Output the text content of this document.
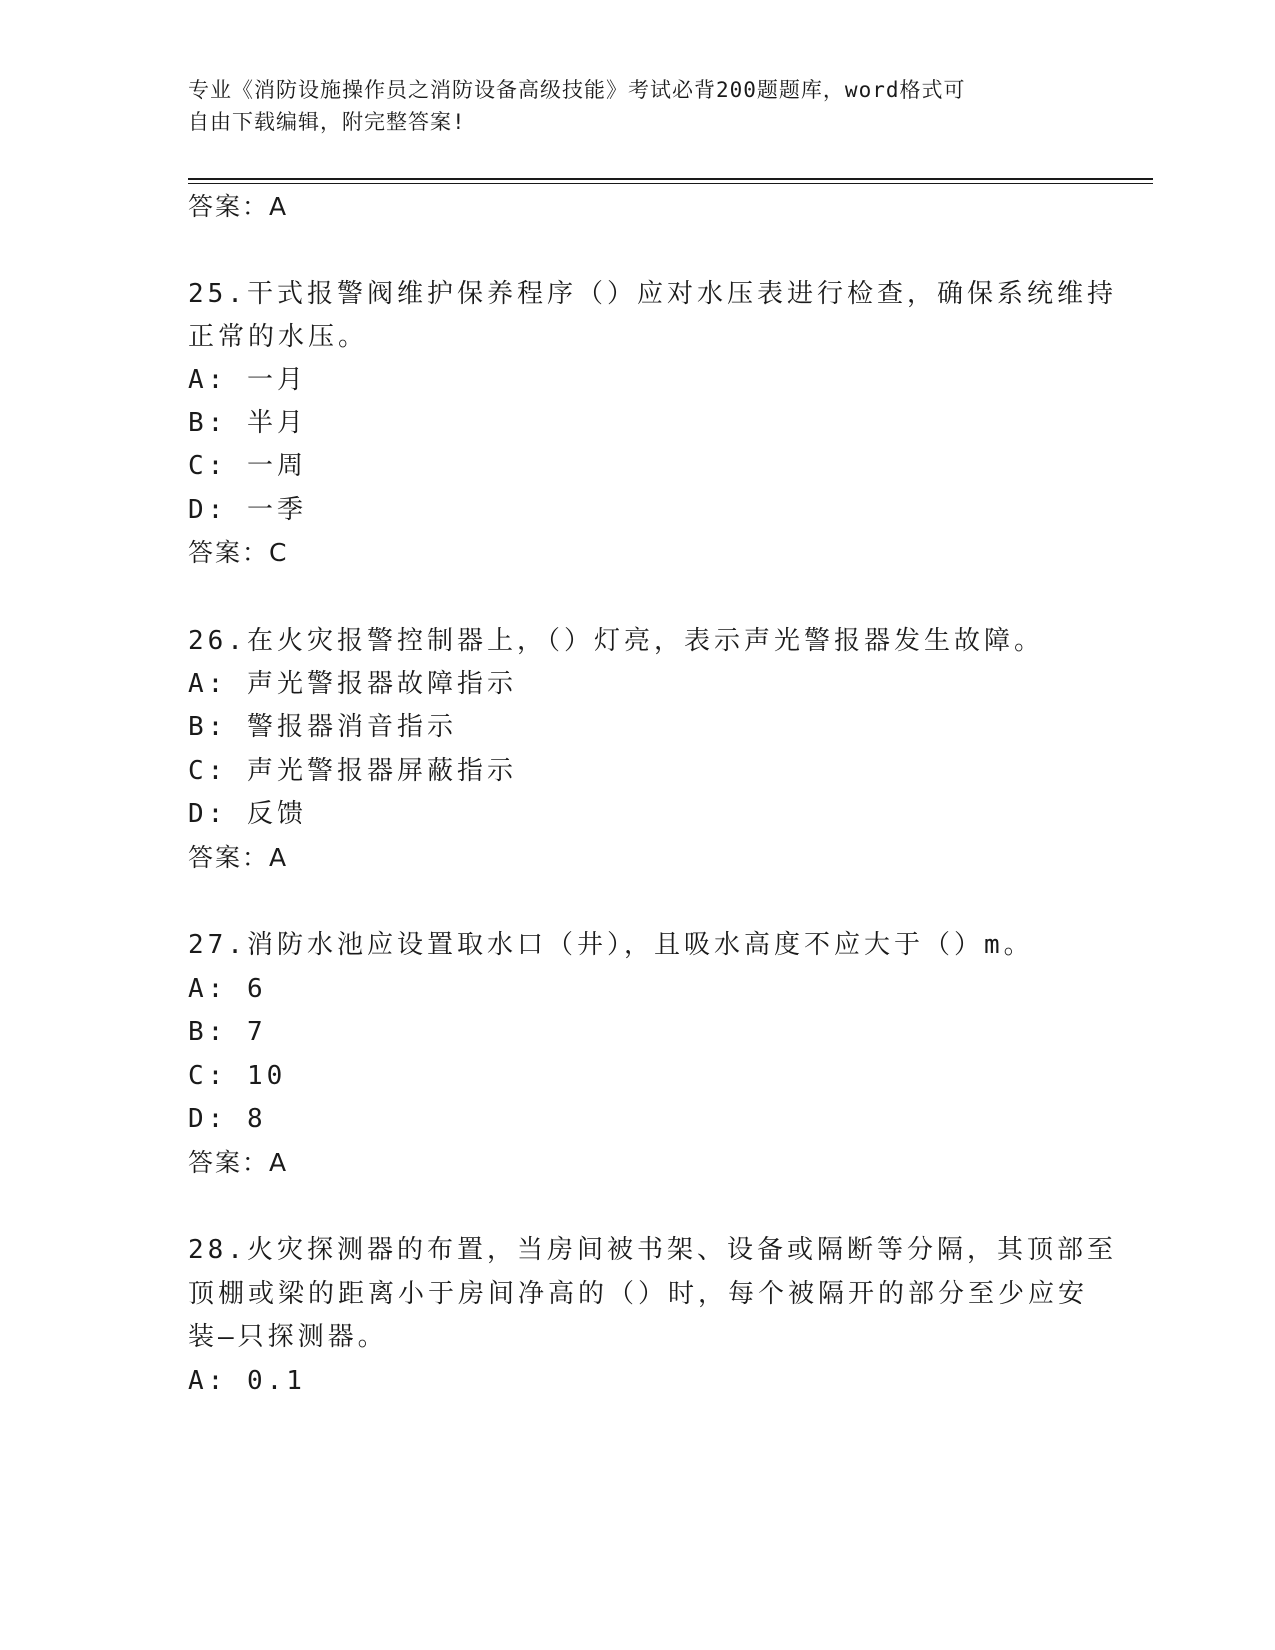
专业《消防设施操作员之消防设备高级技能》考试必背200题题库，word格式可
自由下载编辑，附完整答案!
答案：A
25.干式报警阀维护保养程序（）应对水压表进行检查，确保系统维持
正常的水压。
A: 一月
B: 半月
C: 一周
D: 一季
答案：C
26.在火灾报警控制器上，（）灯亮，表示声光警报器发生故障。
A: 声光警报器故障指示
B: 警报器消音指示
C: 声光警报器屏蔽指示
D: 反馈
答案：A
27.消防水池应设置取水口（井），且吸水高度不应大于（）m。
A: 6
B: 7
C: 10
D: 8
答案：A
28.火灾探测器的布置，当房间被书架、设备或隔断等分隔，其顶部至
顶棚或梁的距离小于房间净高的（）时，每个被隔开的部分至少应安
装—只探测器。
A: 0.1
